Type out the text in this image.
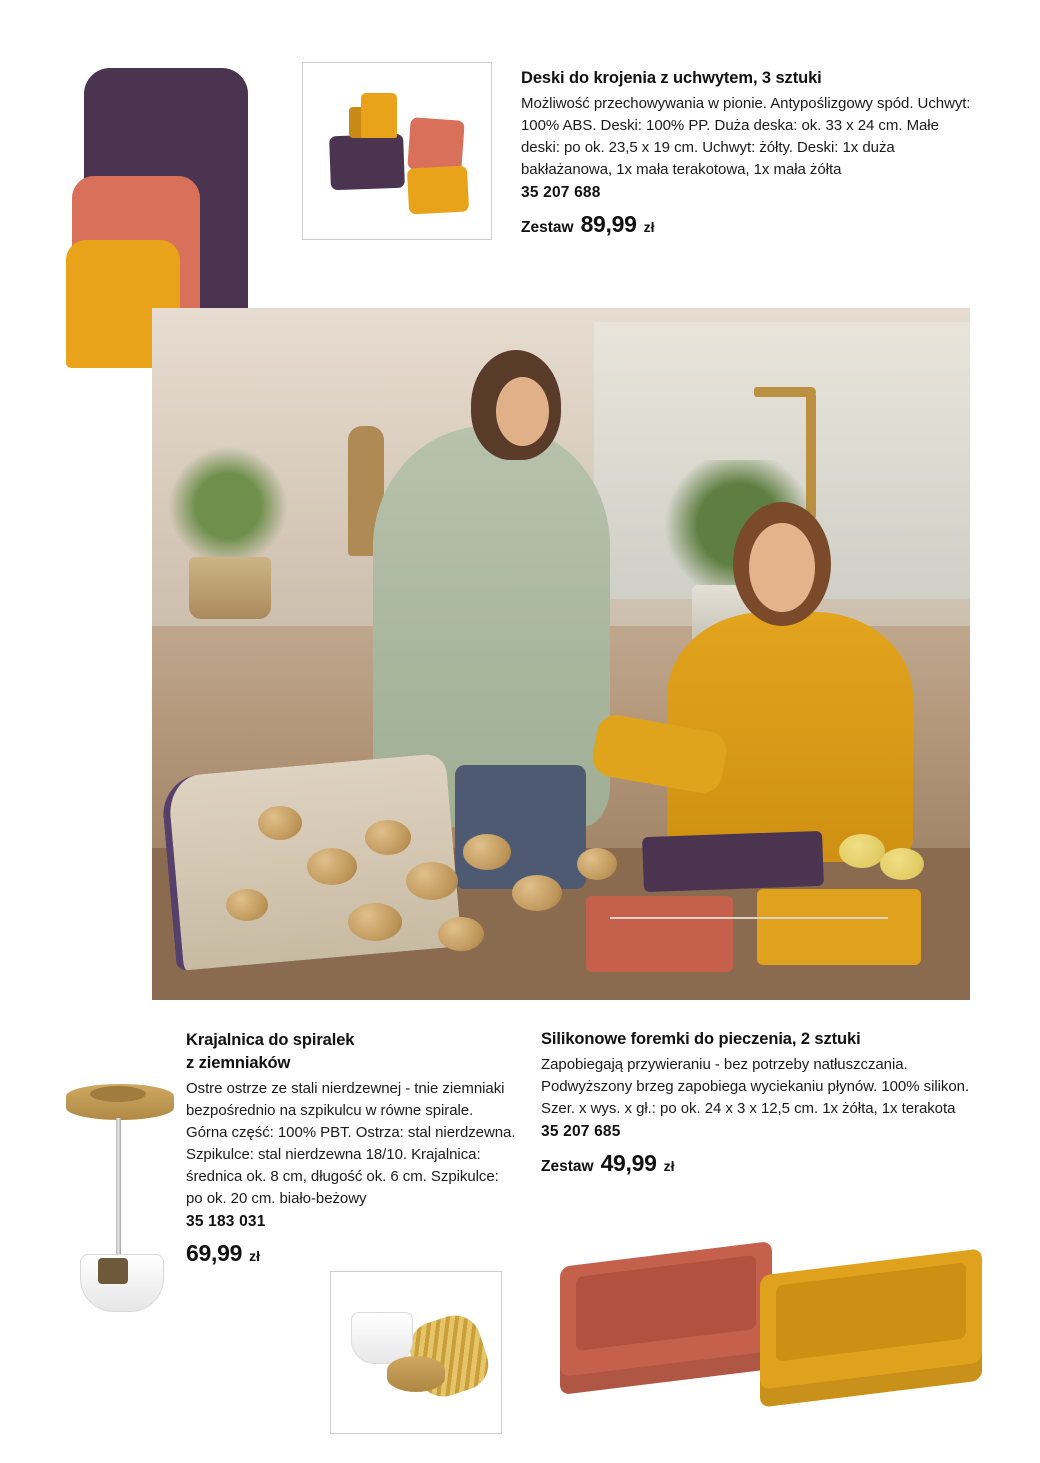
Deski do krojenia z uchwytem, 3 sztuki

Możliwość przechowywania w pionie. Antypoślizgowy spód. Uchwyt: 100% ABS. Deski: 100% PP. Duża deska: ok. 33 x 24 cm. Małe deski: po ok. 23,5 x 19 cm. Uchwyt: żółty. Deski: 1x duża bakłażanowa, 1x mała terakotowa, 1x mała żółta

35 207 688

Zestaw 89,99 zł
Krajalnica do spiralek
z ziemniaków

Ostre ostrze ze stali nierdzewnej - tnie ziemniaki bezpośrednio na szpikulcu w równe spirale. Górna część: 100% PBT. Ostrza: stal nierdzewna. Szpikulce: stal nierdzewna 18/10. Krajalnica: średnica ok. 8 cm, długość ok. 6 cm. Szpikulce: po ok. 20 cm. biało-beżowy

35 183 031

69,99 zł
Silikonowe foremki do pieczenia, 2 sztuki

Zapobiegają przywieraniu - bez potrzeby natłuszczania. Podwyższony brzeg zapobiega wyciekaniu płynów. 100% silikon. Szer. x wys. x gł.: po ok. 24 x 3 x 12,5 cm. 1x żółta, 1x terakota

35 207 685

Zestaw 49,99 zł
